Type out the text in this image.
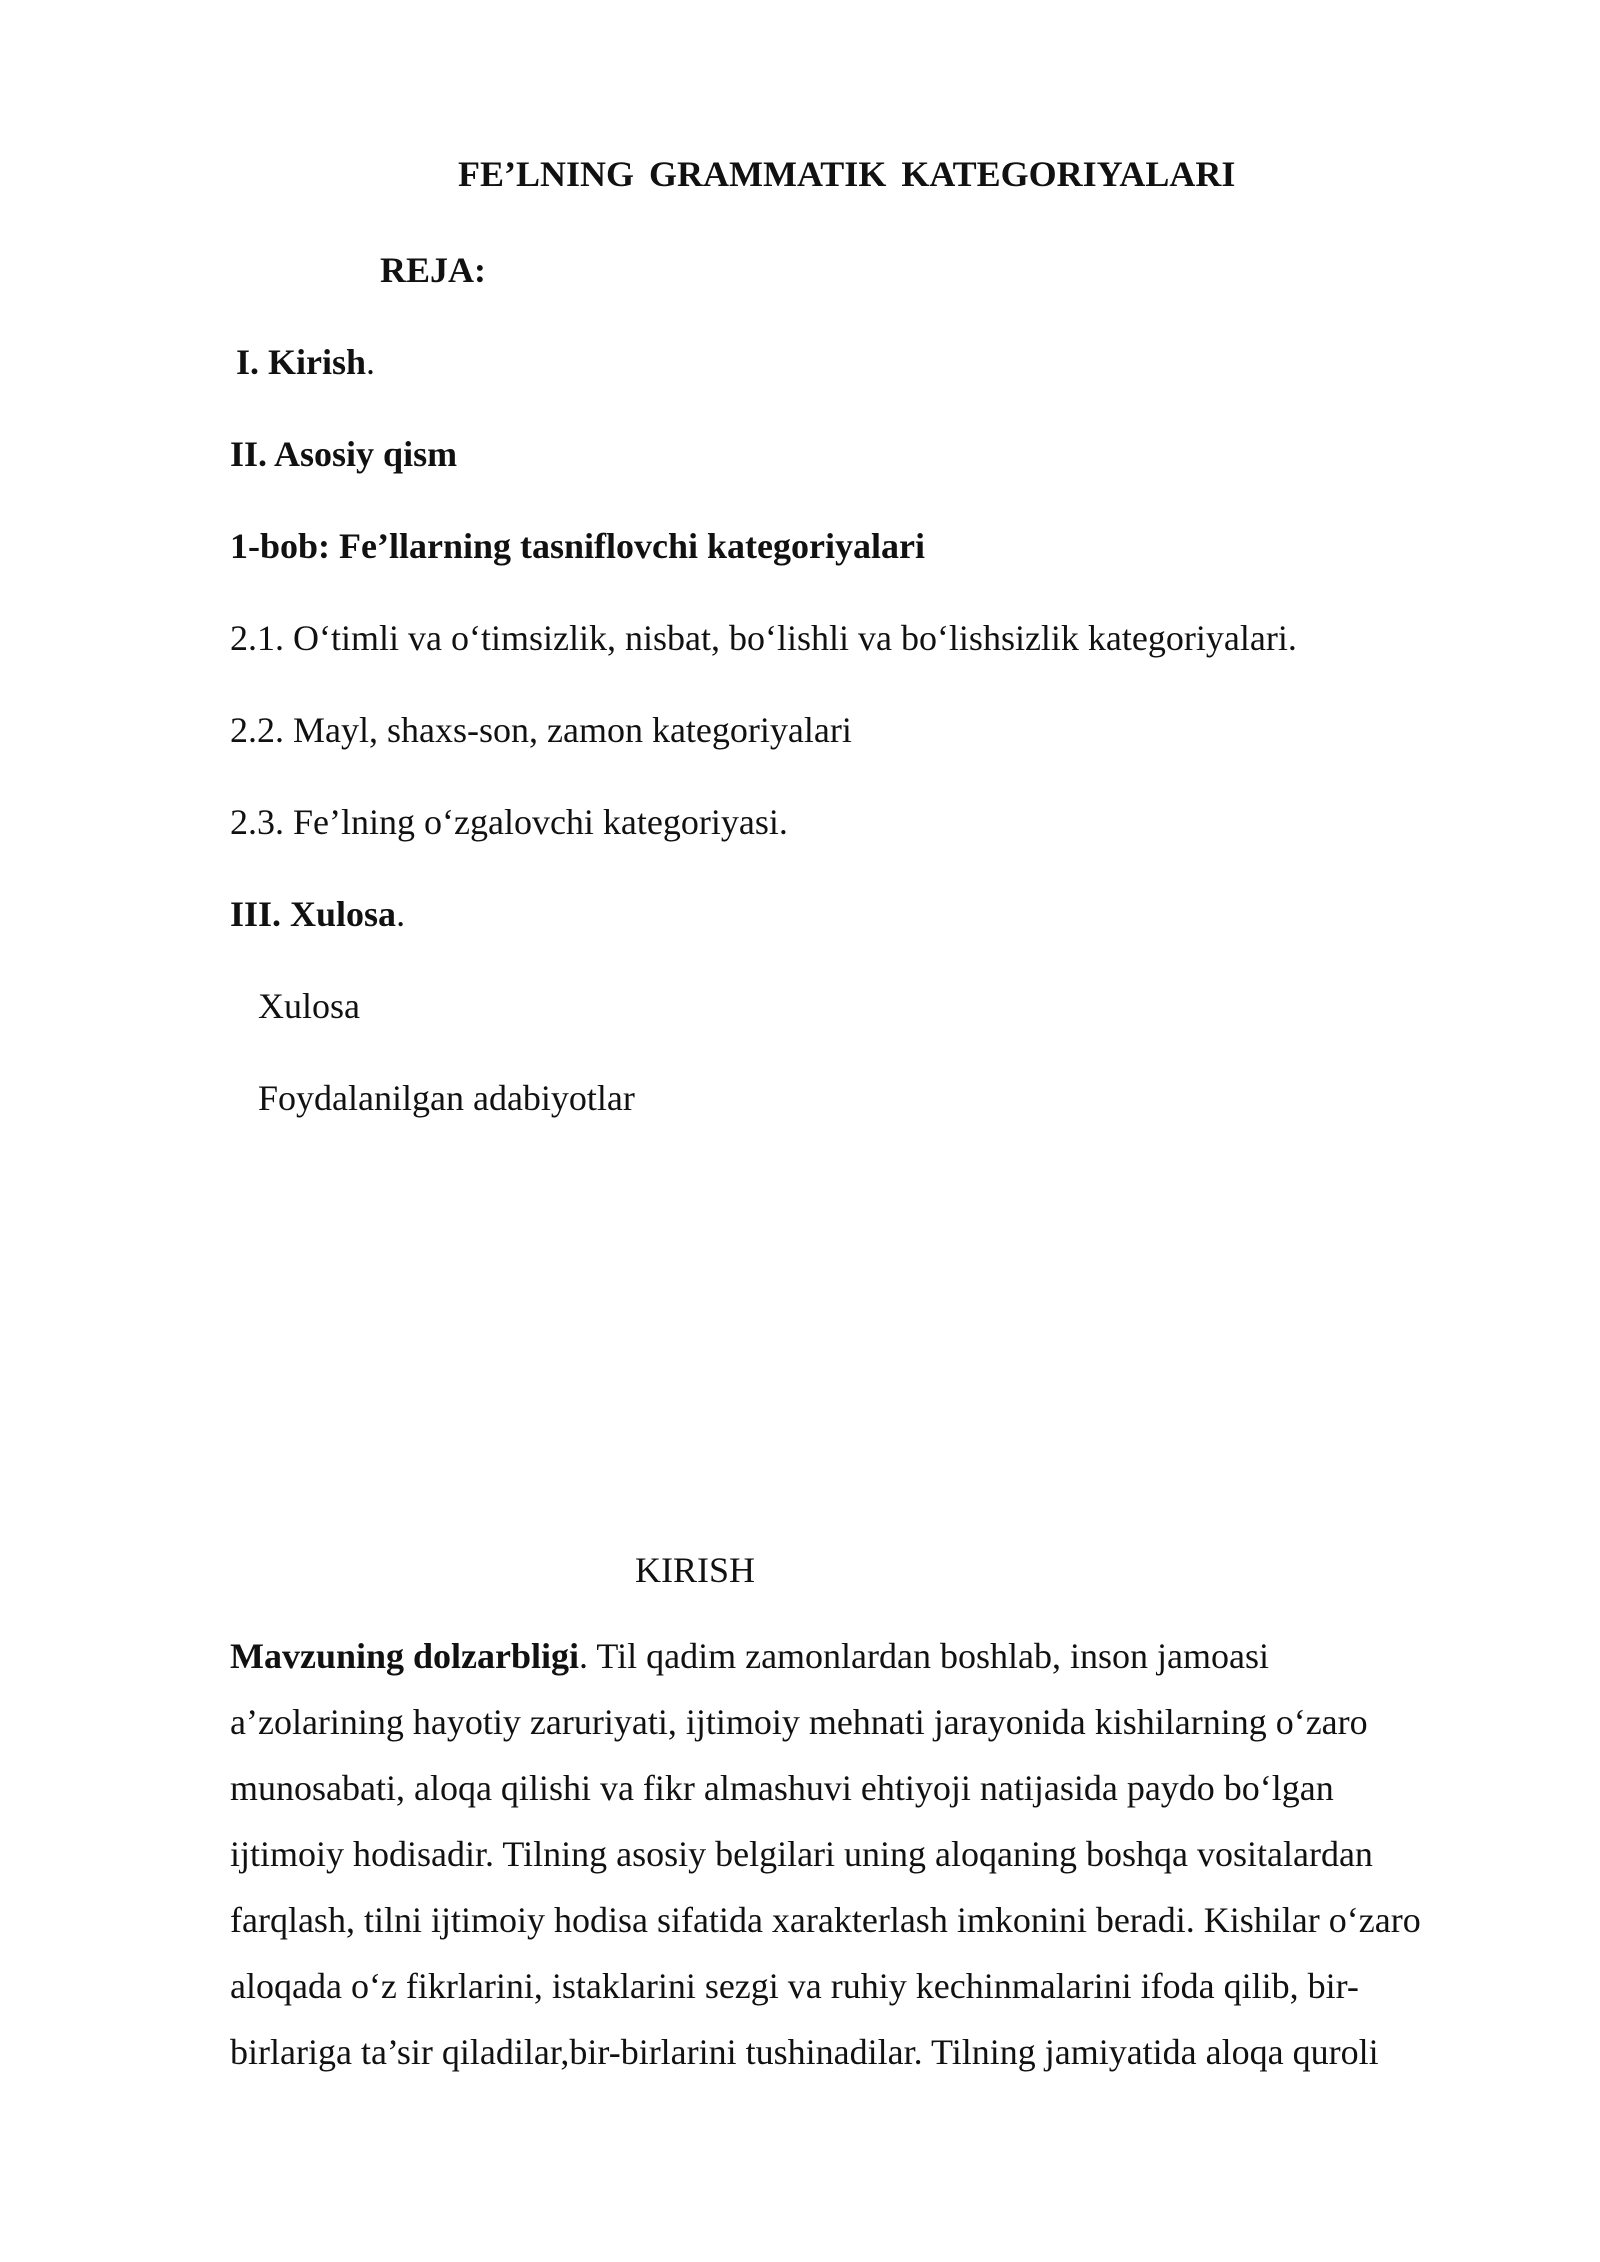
FE’LNING GRAMMATIK KATEGORIYALARI

REJA:

I. Kirish.

II. Asosiy qism

1-bob: Fe’llarning tasniflovchi kategoriyalari

2.1. O‘timli va o‘timsizlik, nisbat, bo‘lishli va bo‘lishsizlik kategoriyalari.

2.2. Mayl, shaxs-son, zamon kategoriyalari

2.3. Fe’lning o‘zgalovchi kategoriyasi.

III. Xulosa.

Xulosa

Foydalanilgan adabiyotlar

KIRISH

Mavzuning dolzarbligi. Til qadim zamonlardan boshlab, inson jamoasi
a’zolarining hayotiy zaruriyati, ijtimoiy mehnati jarayonida kishilarning o‘zaro
munosabati, aloqa qilishi va fikr almashuvi ehtiyoji natijasida paydo bo‘lgan
ijtimoiy hodisadir. Tilning asosiy belgilari uning aloqaning boshqa vositalardan
farqlash, tilni ijtimoiy hodisa sifatida xarakterlash imkonini beradi. Kishilar o‘zaro
aloqada o‘z fikrlarini, istaklarini sezgi va ruhiy kechinmalarini ifoda qilib, bir-
birlariga ta’sir qiladilar,bir-birlarini tushinadilar. Tilning jamiyatida aloqa quroli
